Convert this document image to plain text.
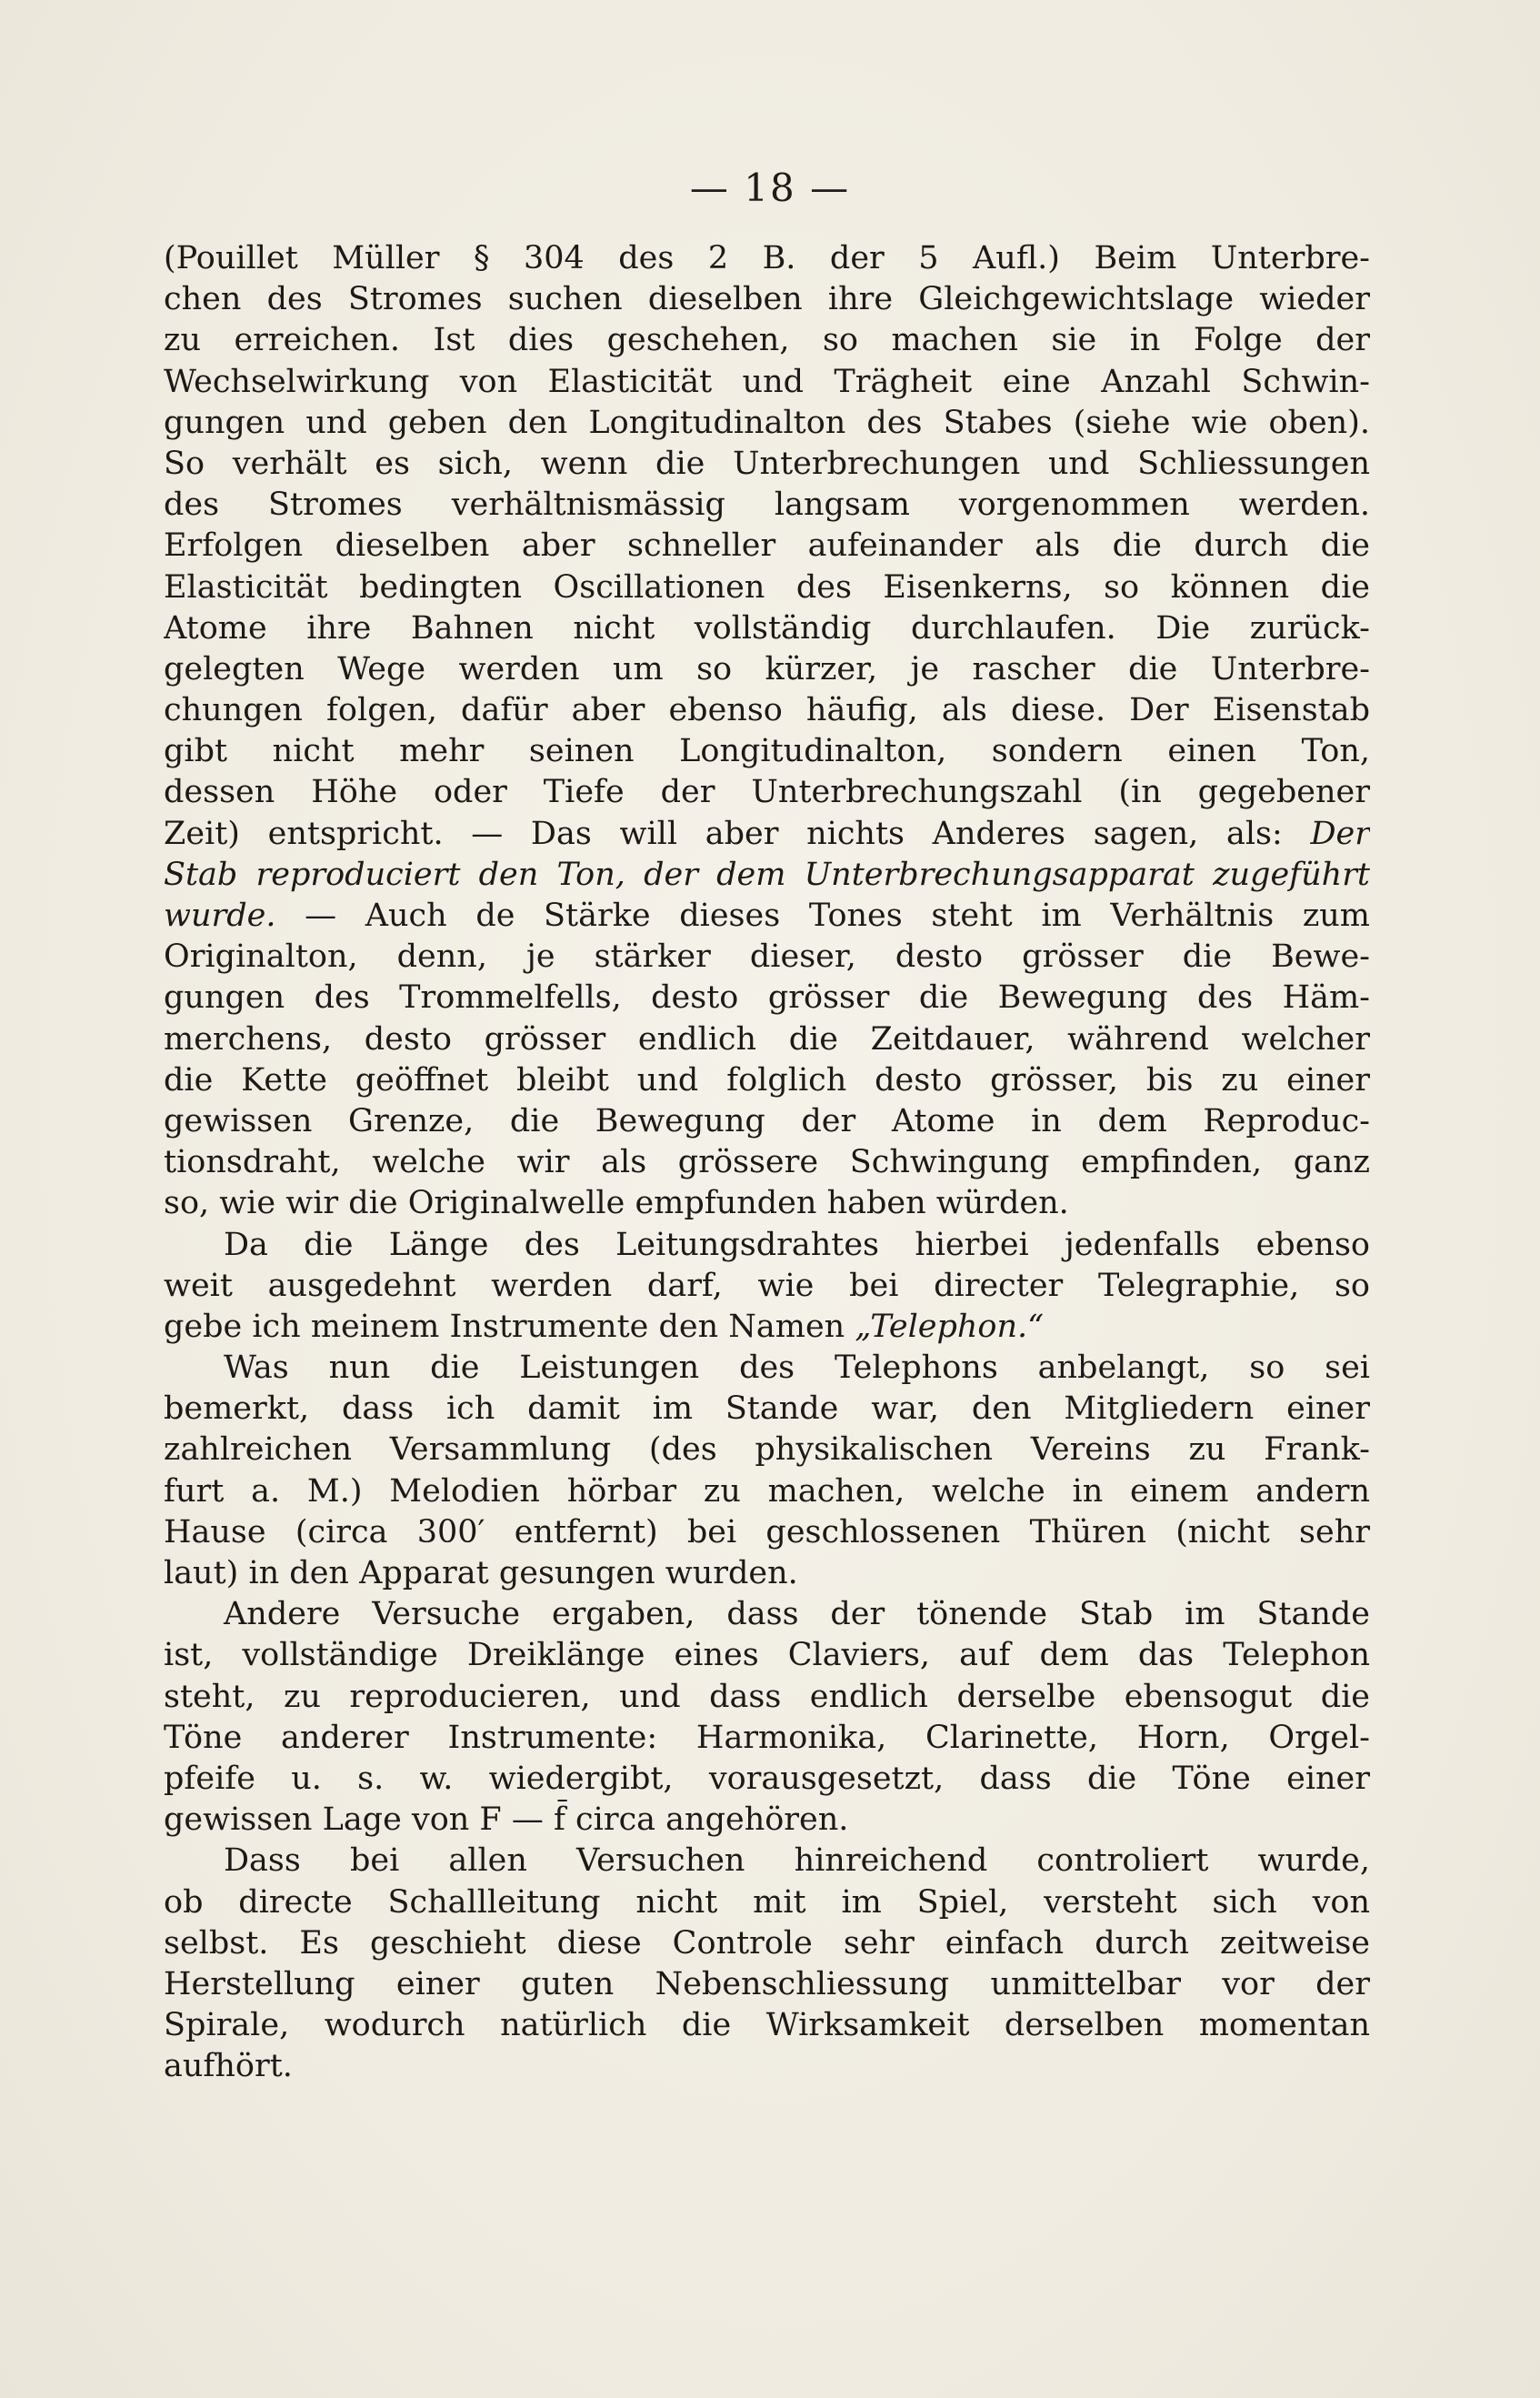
— 18 —
(Pouillet Müller § 304 des 2 B. der 5 Aufl.) Beim Unterbre-
chen des Stromes suchen dieselben ihre Gleichgewichtslage wieder
zu erreichen. Ist dies geschehen, so machen sie in Folge der
Wechselwirkung von Elasticität und Trägheit eine Anzahl Schwin-
gungen und geben den Longitudinalton des Stabes (siehe wie oben).
So verhält es sich, wenn die Unterbrechungen und Schliessungen
des Stromes verhältnismässig langsam vorgenommen werden.
Erfolgen dieselben aber schneller aufeinander als die durch die
Elasticität bedingten Oscillationen des Eisenkerns, so können die
Atome ihre Bahnen nicht vollständig durchlaufen. Die zurück-
gelegten Wege werden um so kürzer, je rascher die Unterbre-
chungen folgen, dafür aber ebenso häufig, als diese. Der Eisenstab
gibt nicht mehr seinen Longitudinalton, sondern einen Ton,
dessen Höhe oder Tiefe der Unterbrechungszahl (in gegebener
Zeit) entspricht. — Das will aber nichts Anderes sagen, als: Der
Stab reproduciert den Ton, der dem Unterbrechungsapparat zugeführt
wurde. — Auch de Stärke dieses Tones steht im Verhältnis zum
Originalton, denn, je stärker dieser, desto grösser die Bewe-
gungen des Trommelfells, desto grösser die Bewegung des Häm-
merchens, desto grösser endlich die Zeitdauer, während welcher
die Kette geöffnet bleibt und folglich desto grösser, bis zu einer
gewissen Grenze, die Bewegung der Atome in dem Reproduc-
tionsdraht, welche wir als grössere Schwingung empfinden, ganz
so, wie wir die Originalwelle empfunden haben würden.
Da die Länge des Leitungsdrahtes hierbei jedenfalls ebenso
weit ausgedehnt werden darf, wie bei directer Telegraphie, so
gebe ich meinem Instrumente den Namen „Telephon.“
Was nun die Leistungen des Telephons anbelangt, so sei
bemerkt, dass ich damit im Stande war, den Mitgliedern einer
zahlreichen Versammlung (des physikalischen Vereins zu Frank-
furt a. M.) Melodien hörbar zu machen, welche in einem andern
Hause (circa 300′ entfernt) bei geschlossenen Thüren (nicht sehr
laut) in den Apparat gesungen wurden.
Andere Versuche ergaben, dass der tönende Stab im Stande
ist, vollständige Dreiklänge eines Claviers, auf dem das Telephon
steht, zu reproducieren, und dass endlich derselbe ebensogut die
Töne anderer Instrumente: Harmonika, Clarinette, Horn, Orgel-
pfeife u. s. w. wiedergibt, vorausgesetzt, dass die Töne einer
gewissen Lage von F — f̄ circa angehören.
Dass bei allen Versuchen hinreichend controliert wurde,
ob directe Schallleitung nicht mit im Spiel, versteht sich von
selbst. Es geschieht diese Controle sehr einfach durch zeitweise
Herstellung einer guten Nebenschliessung unmittelbar vor der
Spirale, wodurch natürlich die Wirksamkeit derselben momentan
aufhört.
